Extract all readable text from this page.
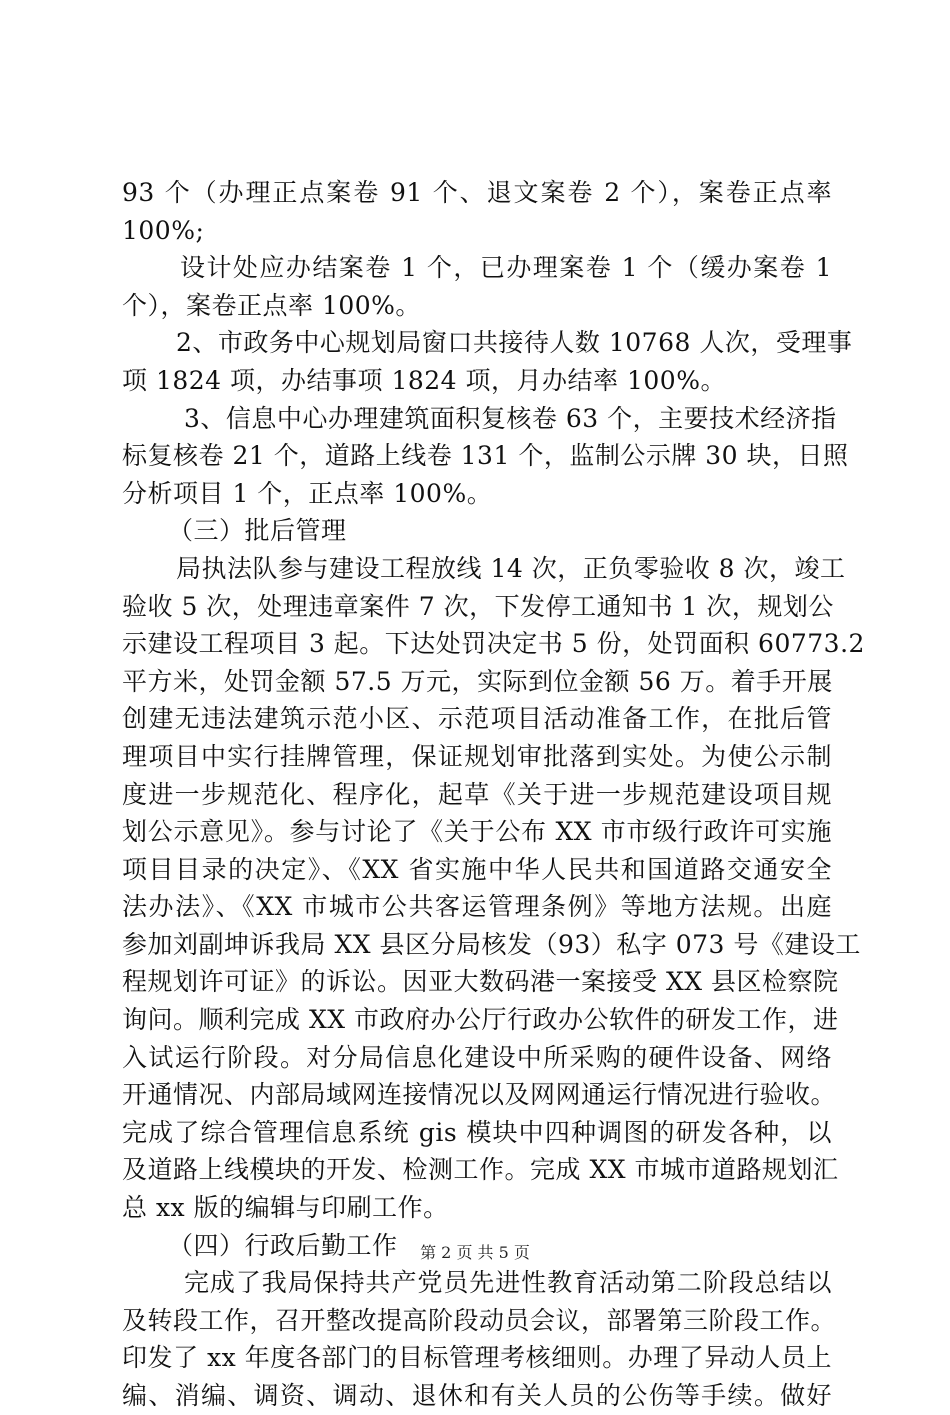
93 个（办理正点案卷 91 个、退文案卷 2 个），案卷正点率
100%;
设计处应办结案卷 1 个，已办理案卷 1 个（缓办案卷 1
个），案卷正点率 100%。
2、市政务中心规划局窗口共接待人数 10768 人次，受理事
项 1824 项，办结事项 1824 项，月办结率 100%。
3、信息中心办理建筑面积复核卷 63 个，主要技术经济指
标复核卷 21 个，道路上线卷 131 个，监制公示牌 30 块，日照
分析项目 1 个，正点率 100%。
（三）批后管理
局执法队参与建设工程放线 14 次，正负零验收 8 次，竣工
验收 5 次，处理违章案件 7 次，下发停工通知书 1 次，规划公
示建设工程项目 3 起。下达处罚决定书 5 份，处罚面积 60773.2
平方米，处罚金额 57.5 万元，实际到位金额 56 万。着手开展
创建无违法建筑示范小区、示范项目活动准备工作，在批后管
理项目中实行挂牌管理，保证规划审批落到实处。为使公示制
度进一步规范化、程序化，起草《关于进一步规范建设项目规
划公示意见》。参与讨论了《关于公布 XX 市市级行政许可实施
项目目录的决定》、《XX 省实施中华人民共和国道路交通安全
法办法》、《XX 市城市公共客运管理条例》等地方法规。出庭
参加刘副坤诉我局 XX 县区分局核发（93）私字 073 号《建设工
程规划许可证》的诉讼。因亚大数码港一案接受 XX 县区检察院
询问。顺利完成 XX 市政府办公厅行政办公软件的研发工作，进
入试运行阶段。对分局信息化建设中所采购的硬件设备、网络
开通情况、内部局域网连接情况以及网网通运行情况进行验收。
完成了综合管理信息系统 gis 模块中四种调图的研发各种，以
及道路上线模块的开发、检测工作。完成 XX 市城市道路规划汇
总 xx 版的编辑与印刷工作。
（四）行政后勤工作
完成了我局保持共产党员先进性教育活动第二阶段总结以
及转段工作，召开整改提高阶段动员会议，部署第三阶段工作。
印发了 xx 年度各部门的目标管理考核细则。办理了异动人员上
编、消编、调资、调动、退休和有关人员的公伤等手续。做好
第 2 页 共 5 页
